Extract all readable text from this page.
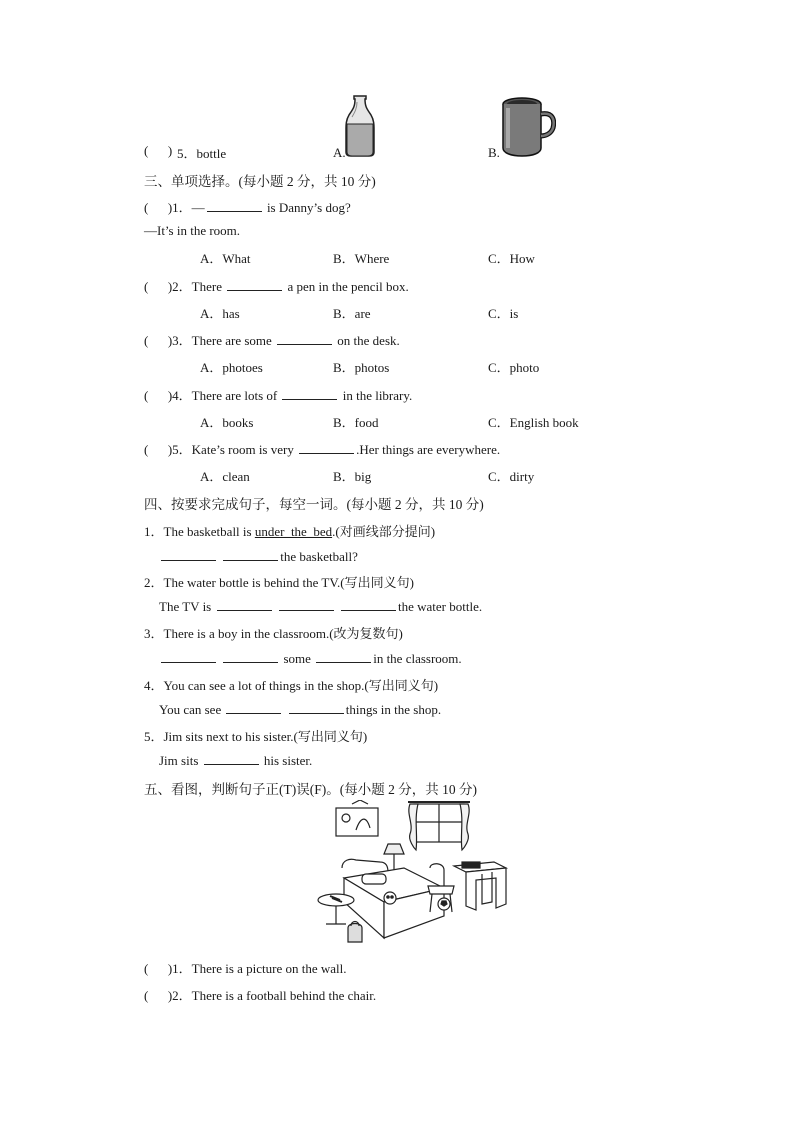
(   ) 5．bottle	A.	B.
三、单项选择。(每小题 2 分，共 10 分)
(  )1．—	is Danny’s dog?
—It’s in the room.
A．What	B．Where	C．How
(  )2．There	a pen in the pencil box.
A．has	B．are	C．is
(  )3．There are some	on the desk.
A．photoes	B．photos	C．photo
(  )4．There are lots of	in the library.
A．books	B．food	C．English book
(  )5．Kate’s room is very	.Her things are everywhere.
A．clean	B．big	C．dirty
四、按要求完成句子，每空一词。(每小题 2 分，共 10 分)
1．The basketball is under_the_bed.(对画线部分提问)
the basketball?
2．The water bottle is behind the TV.(写出同义句)
The TV is	the water bottle.
3．There is a boy in the classroom.(改为复数句)
some	in the classroom.
4．You can see a lot of things in the shop.(写出同义句)
You can see	things in the shop.
5．Jim sits next to his sister.(写出同义句)
Jim sits	his sister.
五、看图，判断句子正(T)误(F)。(每小题 2 分，共 10 分)
(  )1．There is a picture on the wall.
(  )2．There is a football behind the chair.
